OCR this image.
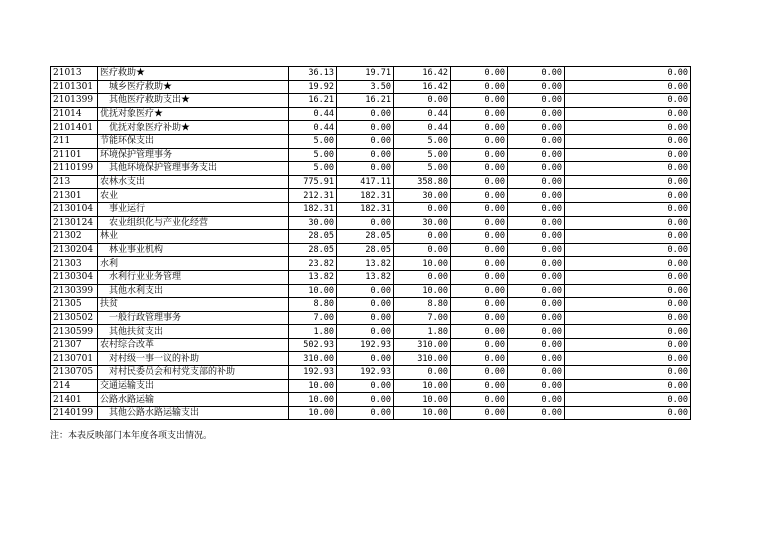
21013	医疗救助★	36.13	19.71	16.42	0.00	0.00	0.00
2101301	城乡医疗救助★	19.92	3.50	16.42	0.00	0.00	0.00
2101399	其他医疗救助支出★	16.21	16.21	0.00	0.00	0.00	0.00
21014	优抚对象医疗★	0.44	0.00	0.44	0.00	0.00	0.00
2101401	优抚对象医疗补助★	0.44	0.00	0.44	0.00	0.00	0.00
211	节能环保支出	5.00	0.00	5.00	0.00	0.00	0.00
21101	环境保护管理事务	5.00	0.00	5.00	0.00	0.00	0.00
2110199	其他环境保护管理事务支出	5.00	0.00	5.00	0.00	0.00	0.00
213	农林水支出	775.91	417.11	358.80	0.00	0.00	0.00
21301	农业	212.31	182.31	30.00	0.00	0.00	0.00
2130104	事业运行	182.31	182.31	0.00	0.00	0.00	0.00
2130124	农业组织化与产业化经营	30.00	0.00	30.00	0.00	0.00	0.00
21302	林业	28.05	28.05	0.00	0.00	0.00	0.00
2130204	林业事业机构	28.05	28.05	0.00	0.00	0.00	0.00
21303	水利	23.82	13.82	10.00	0.00	0.00	0.00
2130304	水利行业业务管理	13.82	13.82	0.00	0.00	0.00	0.00
2130399	其他水利支出	10.00	0.00	10.00	0.00	0.00	0.00
21305	扶贫	8.80	0.00	8.80	0.00	0.00	0.00
2130502	一般行政管理事务	7.00	0.00	7.00	0.00	0.00	0.00
2130599	其他扶贫支出	1.80	0.00	1.80	0.00	0.00	0.00
21307	农村综合改革	502.93	192.93	310.00	0.00	0.00	0.00
2130701	对村级一事一议的补助	310.00	0.00	310.00	0.00	0.00	0.00
2130705	对村民委员会和村党支部的补助	192.93	192.93	0.00	0.00	0.00	0.00
214	交通运输支出	10.00	0.00	10.00	0.00	0.00	0.00
21401	公路水路运输	10.00	0.00	10.00	0.00	0.00	0.00
2140199	其他公路水路运输支出	10.00	0.00	10.00	0.00	0.00	0.00
注：本表反映部门本年度各项支出情况。
